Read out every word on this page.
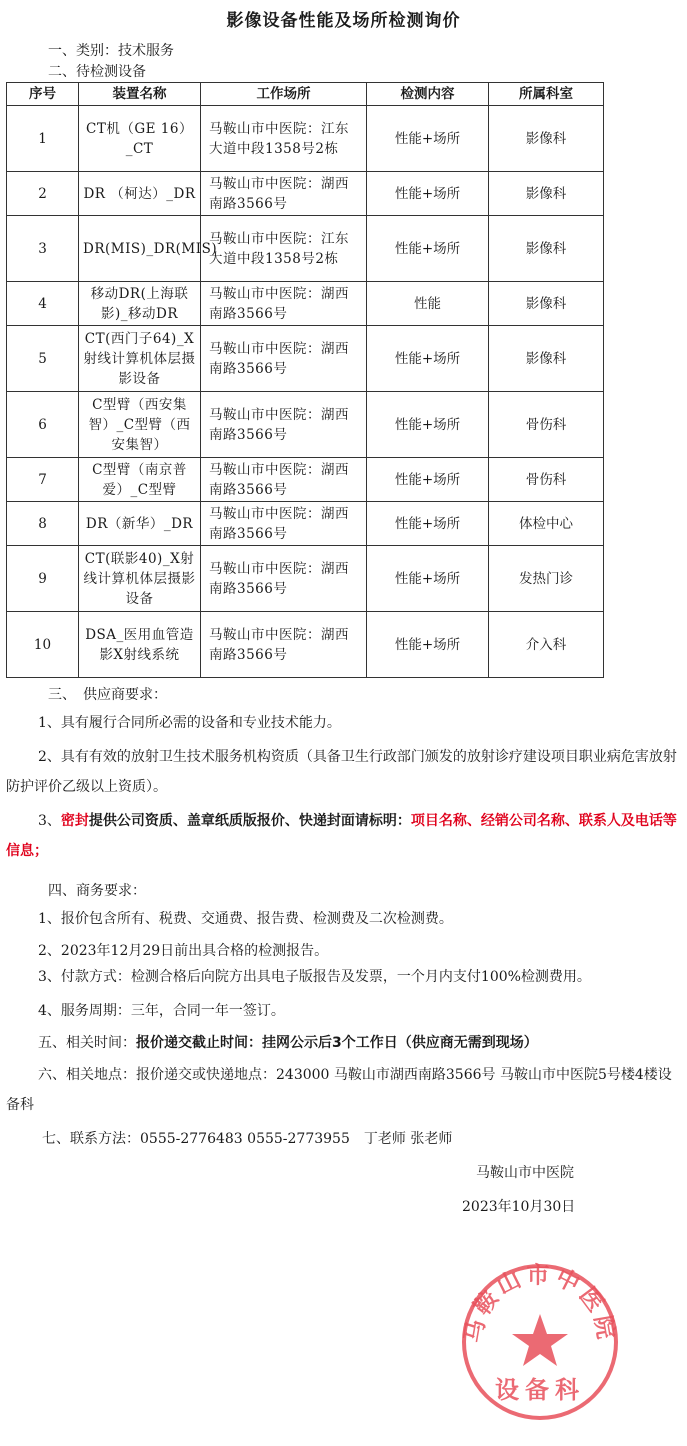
影像设备性能及场所检测询价
一、类别：技术服务
二、待检测设备
序号	装置名称	工作场所	检测内容	所属科室
1	CT机（GE 16）_CT	马鞍山市中医院：江东大道中段1358号2栋	性能+场所	影像科
2	DR （柯达）_DR	马鞍山市中医院：湖西南路3566号	性能+场所	影像科
3	DR(MIS)_DR(MIS)	马鞍山市中医院：江东大道中段1358号2栋	性能+场所	影像科
4	移动DR(上海联影)_移动DR	马鞍山市中医院：湖西南路3566号	性能	影像科
5	CT(西门子64)_X射线计算机体层摄影设备	马鞍山市中医院：湖西南路3566号	性能+场所	影像科
6	C型臂（西安集智）_C型臂（西安集智）	马鞍山市中医院：湖西南路3566号	性能+场所	骨伤科
7	C型臂（南京普爱）_C型臂	马鞍山市中医院：湖西南路3566号	性能+场所	骨伤科
8	DR（新华）_DR	马鞍山市中医院：湖西南路3566号	性能+场所	体检中心
9	CT(联影40)_X射线计算机体层摄影设备	马鞍山市中医院：湖西南路3566号	性能+场所	发热门诊
10	DSA_医用血管造影X射线系统	马鞍山市中医院：湖西南路3566号	性能+场所	介入科
三、　供应商要求：
1、具有履行合同所必需的设备和专业技术能力。
2、具有有效的放射卫生技术服务机构资质（具备卫生行政部门颁发的放射诊疗建设项目职业病危害放射防护评价乙级以上资质）。
3、密封提供公司资质、盖章纸质版报价、快递封面请标明：项目名称、经销公司名称、联系人及电话等信息；
四、商务要求：
1、报价包含所有、税费、交通费、报告费、检测费及二次检测费。
2、2023年12月29日前出具合格的检测报告。
3、付款方式：检测合格后向院方出具电子版报告及发票，一个月内支付100%检测费用。
4、服务周期：三年，合同一年一签订。
五、相关时间：报价递交截止时间：挂网公示后3个工作日（供应商无需到现场）
六、相关地点：报价递交或快递地点：243000 马鞍山市湖西南路3566号 马鞍山市中医院5号楼4楼设备科
七、联系方法：0555-2776483 0555-2773955　丁老师 张老师
马鞍山市中医院
2023年10月30日
马鞍山市中医院
设备科
